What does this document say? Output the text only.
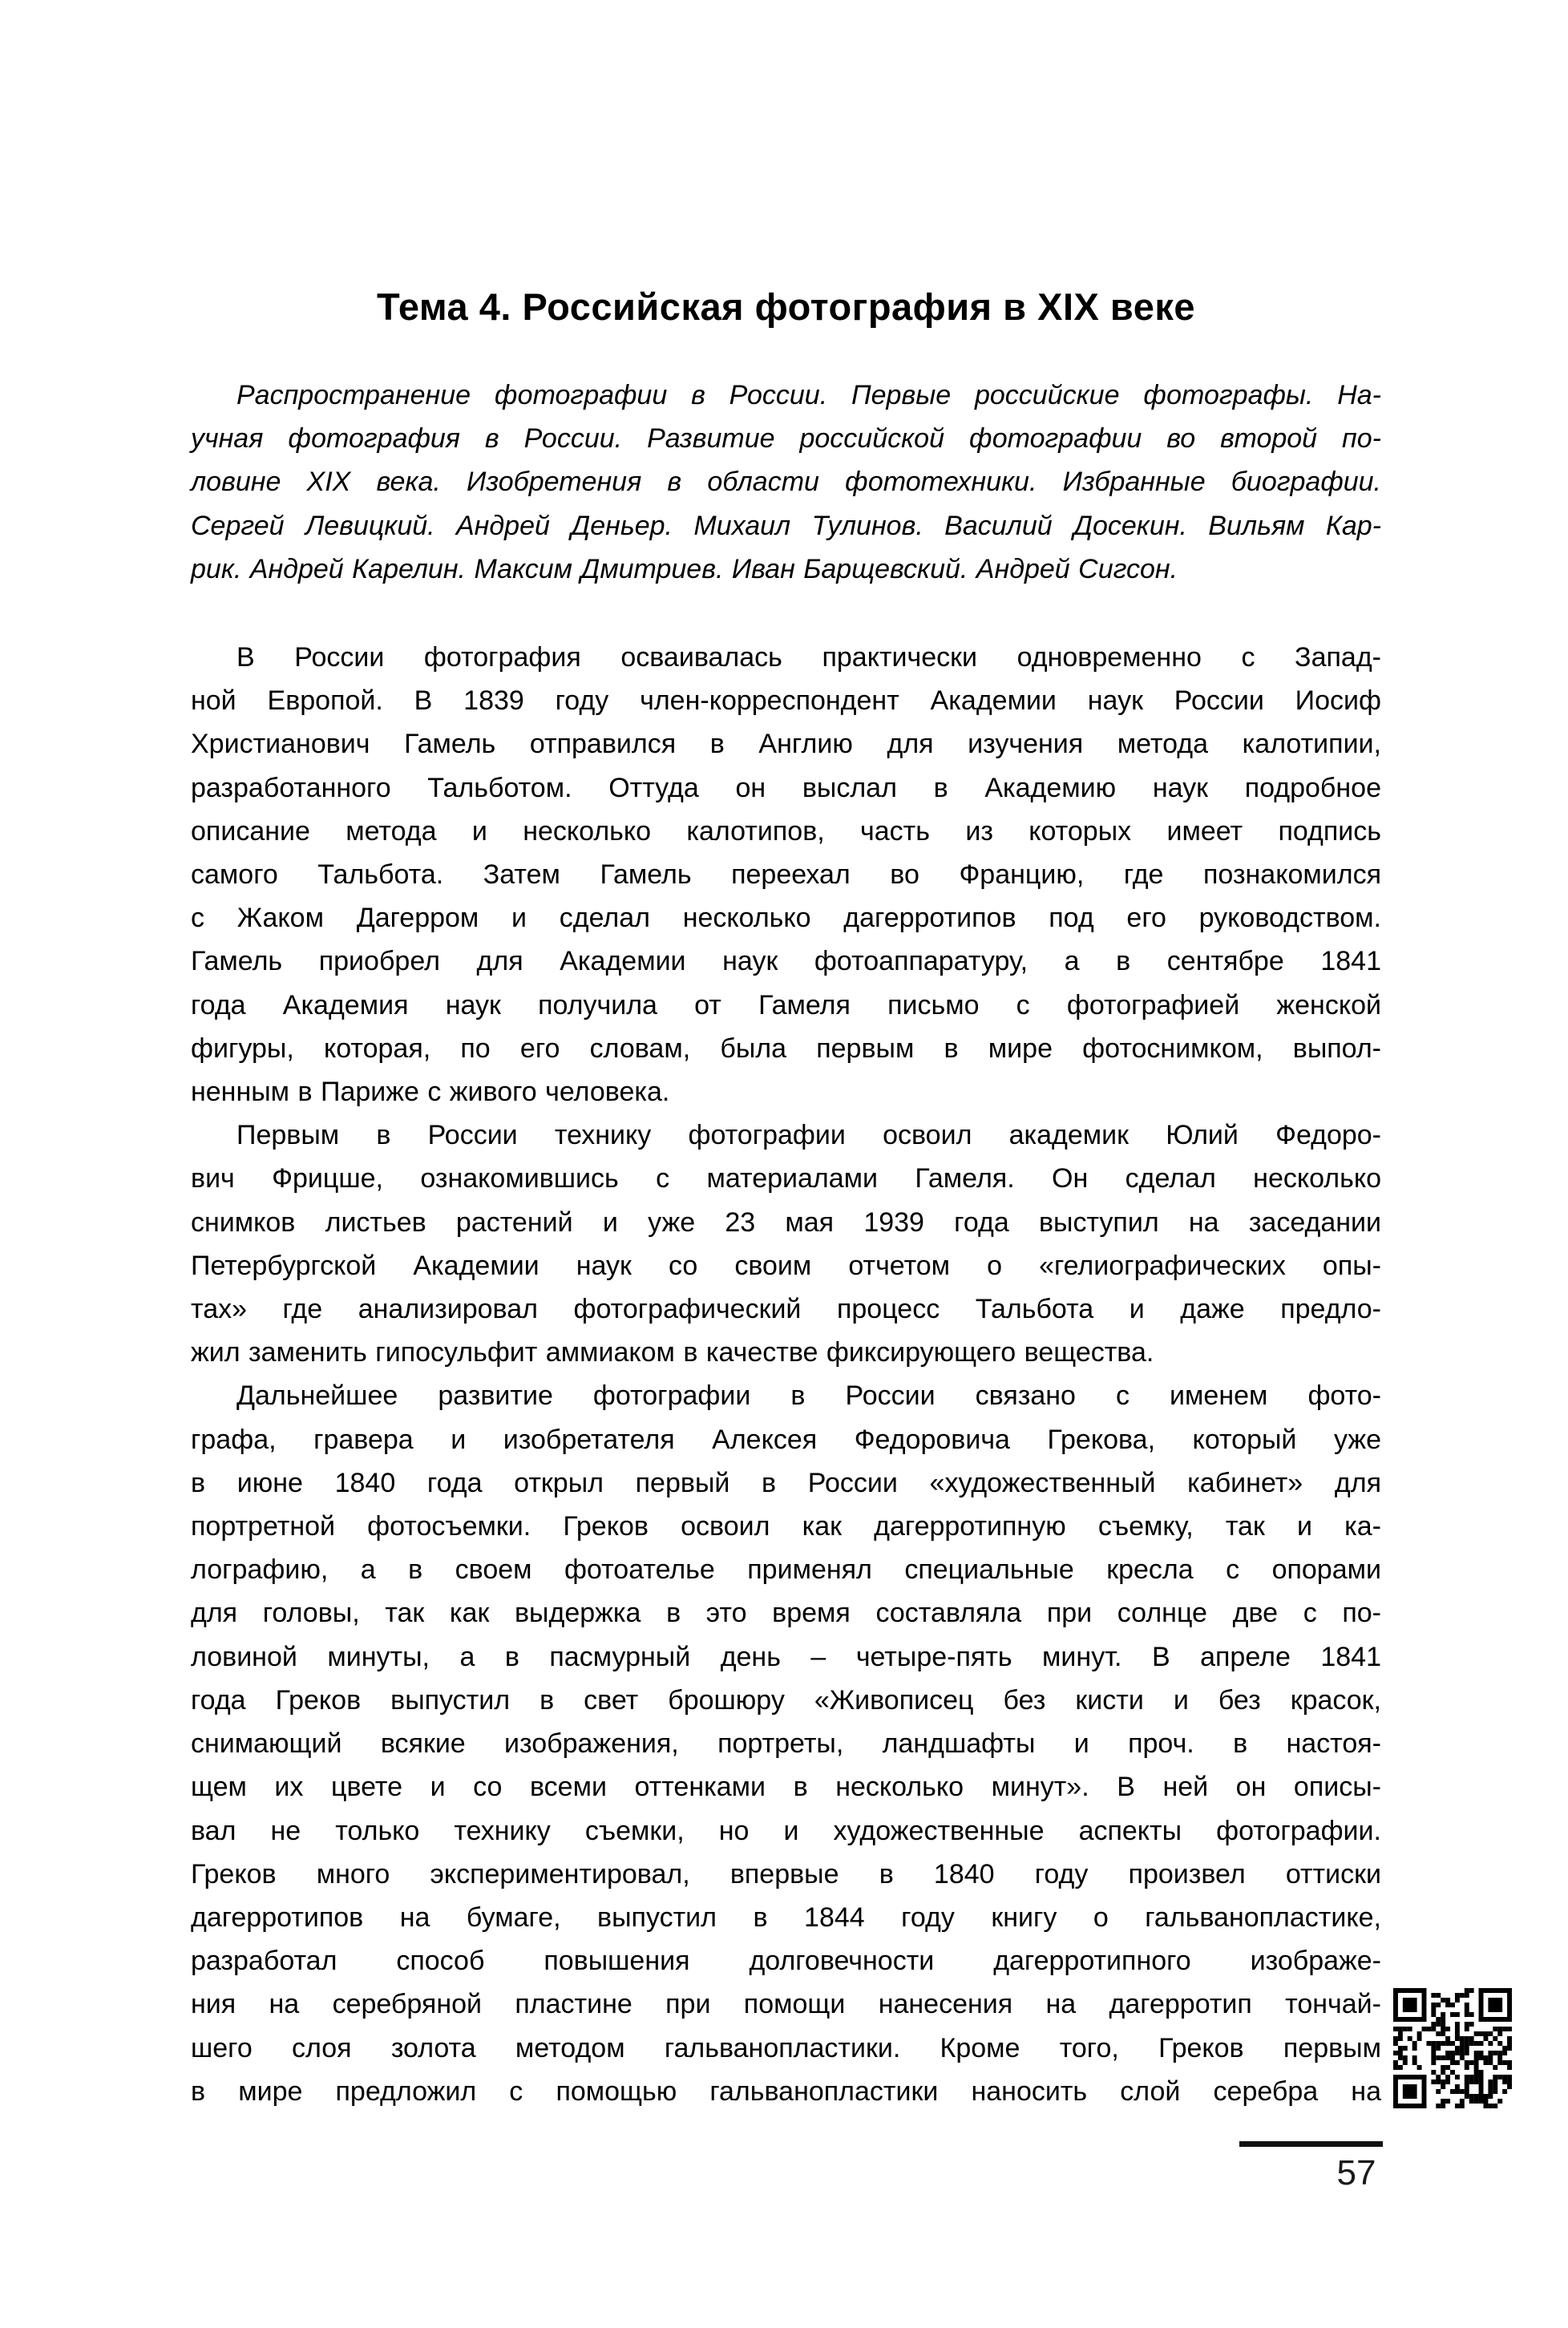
Тема 4. Российская фотография в XIX веке
Распространение фотографии в России. Первые российские фотографы. На-
учная фотография в России. Развитие российской фотографии во второй по-
ловине XIX века. Изобретения в области фототехники. Избранные биографии.
Сергей Левицкий. Андрей Деньер. Михаил Тулинов. Василий Досекин. Вильям Кар-
рик. Андрей Карелин. Максим Дмитриев. Иван Барщевский. Андрей Сигсон.
В России фотография осваивалась практически одновременно с Запад-
ной Европой. В 1839 году член-корреспондент Академии наук России Иосиф
Христианович Гамель отправился в Англию для изучения метода калотипии,
разработанного Тальботом. Оттуда он выслал в Академию наук подробное
описание метода и несколько калотипов, часть из которых имеет подпись
самого Тальбота. Затем Гамель переехал во Францию, где познакомился
с Жаком Дагерром и сделал несколько дагерротипов под его руководством.
Гамель приобрел для Академии наук фотоаппаратуру, а в сентябре 1841
года Академия наук получила от Гамеля письмо с фотографией женской
фигуры, которая, по его словам, была первым в мире фотоснимком, выпол-
ненным в Париже с живого человека.
Первым в России технику фотографии освоил академик Юлий Федоро-
вич Фрицше, ознакомившись с материалами Гамеля. Он сделал несколько
снимков листьев растений и уже 23 мая 1939 года выступил на заседании
Петербургской Академии наук со своим отчетом о «гелиографических опы-
тах» где анализировал фотографический процесс Тальбота и даже предло-
жил заменить гипосульфит аммиаком в качестве фиксирующего вещества.
Дальнейшее развитие фотографии в России связано с именем фото-
графа, гравера и изобретателя Алексея Федоровича Грекова, который уже
в июне 1840 года открыл первый в России «художественный кабинет» для
портретной фотосъемки. Греков освоил как дагерротипную съемку, так и ка-
лографию, а в своем фотоателье применял специальные кресла с опорами
для головы, так как выдержка в это время составляла при солнце две с по-
ловиной минуты, а в пасмурный день – четыре-пять минут. В апреле 1841
года Греков выпустил в свет брошюру «Живописец без кисти и без красок,
снимающий всякие изображения, портреты, ландшафты и проч. в настоя-
щем их цвете и со всеми оттенками в несколько минут». В ней он описы-
вал не только технику съемки, но и художественные аспекты фотографии.
Греков много экспериментировал, впервые в 1840 году произвел оттиски
дагерротипов на бумаге, выпустил в 1844 году книгу о гальванопластике,
разработал способ повышения долговечности дагерротипного изображе-
ния на серебряной пластине при помощи нанесения на дагерротип тончай-
шего слоя золота методом гальванопластики. Кроме того, Греков первым
в мире предложил с помощью гальванопластики наносить слой серебра на
57
